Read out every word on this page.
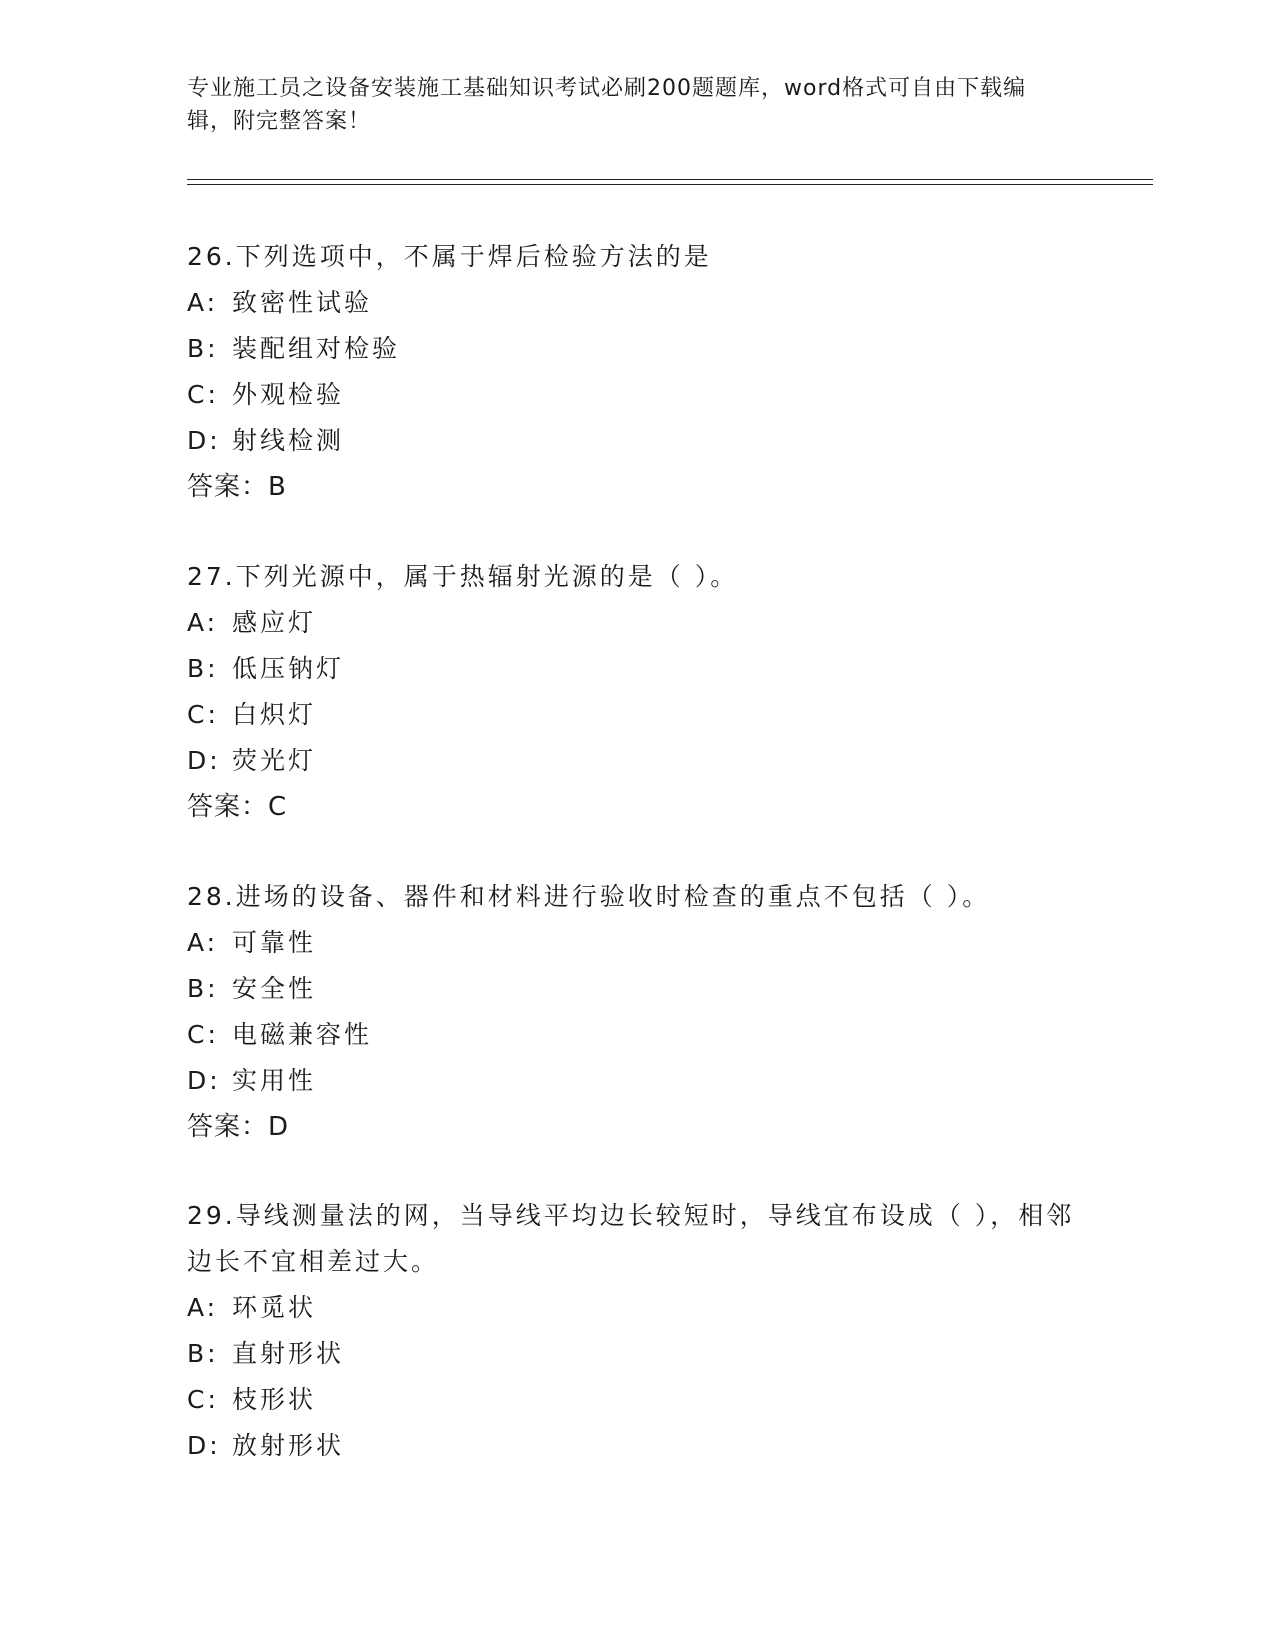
专业施工员之设备安装施工基础知识考试必刷200题题库，word格式可自由下载编辑，附完整答案！

26.下列选项中，不属于焊后检验方法的是

A: 致密性试验

B: 装配组对检验

C: 外观检验

D: 射线检测

答案：B

27.下列光源中，属于热辐射光源的是（ ）。

A: 感应灯

B: 低压钠灯

C: 白炽灯

D: 荧光灯

答案：C

28.进场的设备、器件和材料进行验收时检查的重点不包括（ ）。

A: 可靠性

B: 安全性

C: 电磁兼容性

D: 实用性

答案：D

29.导线测量法的网，当导线平均边长较短时，导线宜布设成（ ），相邻边长不宜相差过大。

A: 环觅状

B: 直射形状

C: 枝形状

D: 放射形状
